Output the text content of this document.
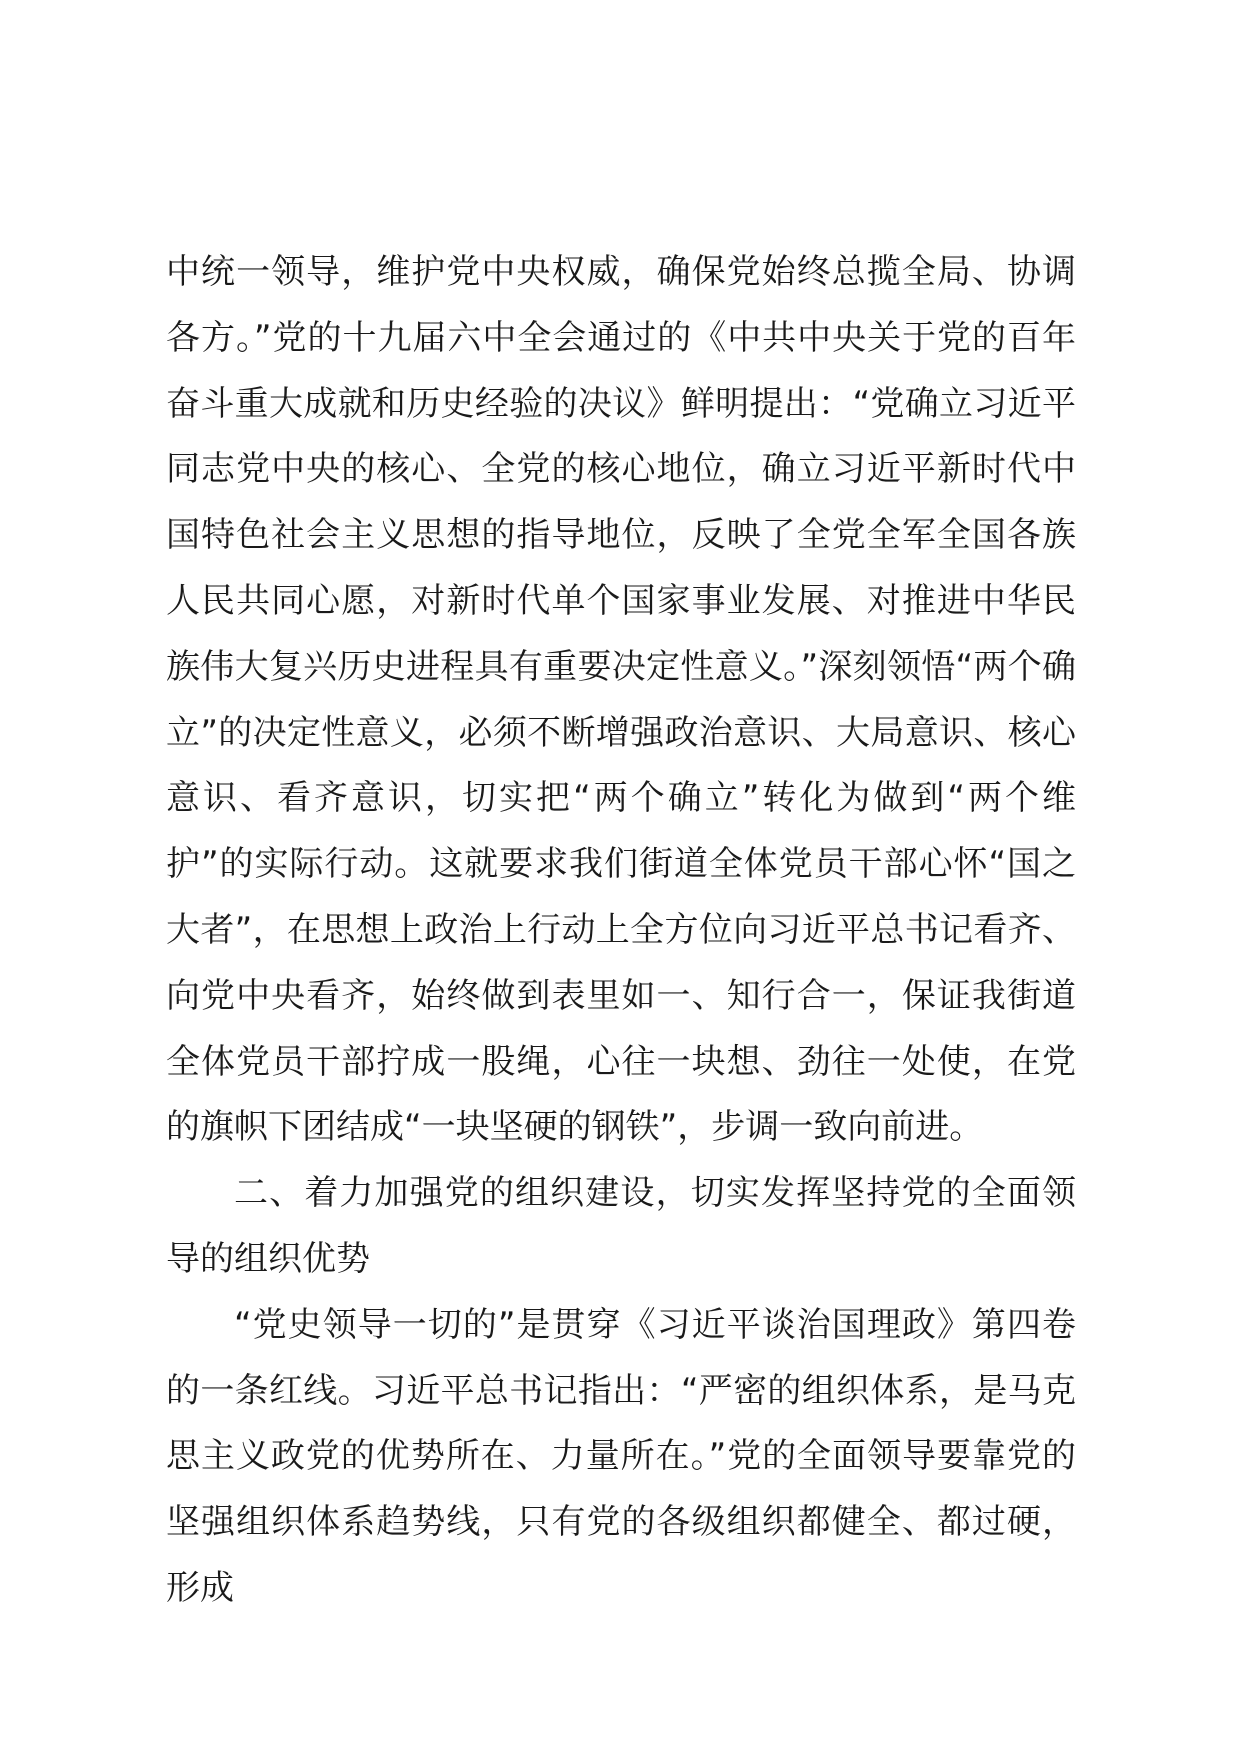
中统一领导，维护党中央权威，确保党始终总揽全局、协调各方。”党的十九届六中全会通过的《中共中央关于党的百年奋斗重大成就和历史经验的决议》鲜明提出：“党确立习近平同志党中央的核心、全党的核心地位，确立习近平新时代中国特色社会主义思想的指导地位，反映了全党全军全国各族人民共同心愿，对新时代单个国家事业发展、对推进中华民族伟大复兴历史进程具有重要决定性意义。”深刻领悟“两个确立”的决定性意义，必须不断增强政治意识、大局意识、核心意识、看齐意识，切实把“两个确立”转化为做到“两个维护”的实际行动。这就要求我们街道全体党员干部心怀“国之大者”，在思想上政治上行动上全方位向习近平总书记看齐、向党中央看齐，始终做到表里如一、知行合一，保证我街道全体党员干部拧成一股绳，心往一块想、劲往一处使，在党的旗帜下团结成“一块坚硬的钢铁”，步调一致向前进。

二、着力加强党的组织建设，切实发挥坚持党的全面领导的组织优势

“党史领导一切的”是贯穿《习近平谈治国理政》第四卷的一条红线。习近平总书记指出：“严密的组织体系，是马克思主义政党的优势所在、力量所在。”党的全面领导要靠党的坚强组织体系趋势线，只有党的各级组织都健全、都过硬，形成
